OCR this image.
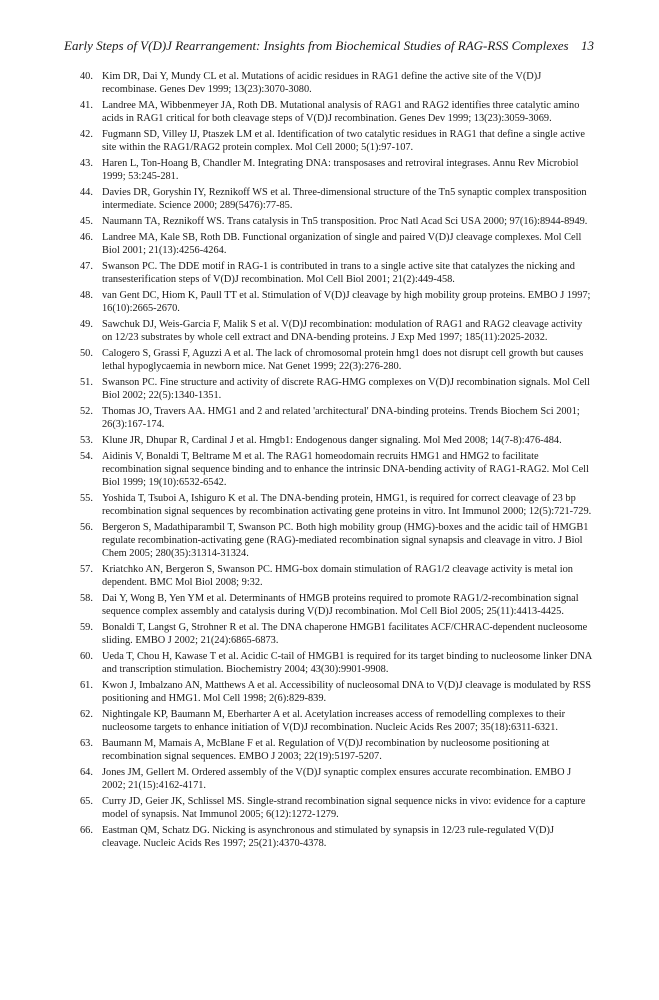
Early Steps of V(D)J Rearrangement: Insights from Biochemical Studies of RAG-RSS Complexes 13
40. Kim DR, Dai Y, Mundy CL et al. Mutations of acidic residues in RAG1 define the active site of the V(D)J recombinase. Genes Dev 1999; 13(23):3070-3080.
41. Landree MA, Wibbenmeyer JA, Roth DB. Mutational analysis of RAG1 and RAG2 identifies three catalytic amino acids in RAG1 critical for both cleavage steps of V(D)J recombination. Genes Dev 1999; 13(23):3059-3069.
42. Fugmann SD, Villey IJ, Ptaszek LM et al. Identification of two catalytic residues in RAG1 that define a single active site within the RAG1/RAG2 protein complex. Mol Cell 2000; 5(1):97-107.
43. Haren L, Ton-Hoang B, Chandler M. Integrating DNA: transposases and retroviral integrases. Annu Rev Microbiol 1999; 53:245-281.
44. Davies DR, Goryshin IY, Reznikoff WS et al. Three-dimensional structure of the Tn5 synaptic complex transposition intermediate. Science 2000; 289(5476):77-85.
45. Naumann TA, Reznikoff WS. Trans catalysis in Tn5 transposition. Proc Natl Acad Sci USA 2000; 97(16):8944-8949.
46. Landree MA, Kale SB, Roth DB. Functional organization of single and paired V(D)J cleavage complexes. Mol Cell Biol 2001; 21(13):4256-4264.
47. Swanson PC. The DDE motif in RAG-1 is contributed in trans to a single active site that catalyzes the nicking and transesterification steps of V(D)J recombination. Mol Cell Biol 2001; 21(2):449-458.
48. van Gent DC, Hiom K, Paull TT et al. Stimulation of V(D)J cleavage by high mobility group proteins. EMBO J 1997; 16(10):2665-2670.
49. Sawchuk DJ, Weis-Garcia F, Malik S et al. V(D)J recombination: modulation of RAG1 and RAG2 cleavage activity on 12/23 substrates by whole cell extract and DNA-bending proteins. J Exp Med 1997; 185(11):2025-2032.
50. Calogero S, Grassi F, Aguzzi A et al. The lack of chromosomal protein hmg1 does not disrupt cell growth but causes lethal hypoglycaemia in newborn mice. Nat Genet 1999; 22(3):276-280.
51. Swanson PC. Fine structure and activity of discrete RAG-HMG complexes on V(D)J recombination signals. Mol Cell Biol 2002; 22(5):1340-1351.
52. Thomas JO, Travers AA. HMG1 and 2 and related 'architectural' DNA-binding proteins. Trends Biochem Sci 2001; 26(3):167-174.
53. Klune JR, Dhupar R, Cardinal J et al. Hmgb1: Endogenous danger signaling. Mol Med 2008; 14(7-8):476-484.
54. Aidinis V, Bonaldi T, Beltrame M et al. The RAG1 homeodomain recruits HMG1 and HMG2 to facilitate recombination signal sequence binding and to enhance the intrinsic DNA-bending activity of RAG1-RAG2. Mol Cell Biol 1999; 19(10):6532-6542.
55. Yoshida T, Tsuboi A, Ishiguro K et al. The DNA-bending protein, HMG1, is required for correct cleavage of 23 bp recombination signal sequences by recombination activating gene proteins in vitro. Int Immunol 2000; 12(5):721-729.
56. Bergeron S, Madathiparambil T, Swanson PC. Both high mobility group (HMG)-boxes and the acidic tail of HMGB1 regulate recombination-activating gene (RAG)-mediated recombination signal synapsis and cleavage in vitro. J Biol Chem 2005; 280(35):31314-31324.
57. Kriatchko AN, Bergeron S, Swanson PC. HMG-box domain stimulation of RAG1/2 cleavage activity is metal ion dependent. BMC Mol Biol 2008; 9:32.
58. Dai Y, Wong B, Yen YM et al. Determinants of HMGB proteins required to promote RAG1/2-recombination signal sequence complex assembly and catalysis during V(D)J recombination. Mol Cell Biol 2005; 25(11):4413-4425.
59. Bonaldi T, Langst G, Strohner R et al. The DNA chaperone HMGB1 facilitates ACF/CHRAC-dependent nucleosome sliding. EMBO J 2002; 21(24):6865-6873.
60. Ueda T, Chou H, Kawase T et al. Acidic C-tail of HMGB1 is required for its target binding to nucleosome linker DNA and transcription stimulation. Biochemistry 2004; 43(30):9901-9908.
61. Kwon J, Imbalzano AN, Matthews A et al. Accessibility of nucleosomal DNA to V(D)J cleavage is modulated by RSS positioning and HMG1. Mol Cell 1998; 2(6):829-839.
62. Nightingale KP, Baumann M, Eberharter A et al. Acetylation increases access of remodelling complexes to their nucleosome targets to enhance initiation of V(D)J recombination. Nucleic Acids Res 2007; 35(18):6311-6321.
63. Baumann M, Mamais A, McBlane F et al. Regulation of V(D)J recombination by nucleosome positioning at recombination signal sequences. EMBO J 2003; 22(19):5197-5207.
64. Jones JM, Gellert M. Ordered assembly of the V(D)J synaptic complex ensures accurate recombination. EMBO J 2002; 21(15):4162-4171.
65. Curry JD, Geier JK, Schlissel MS. Single-strand recombination signal sequence nicks in vivo: evidence for a capture model of synapsis. Nat Immunol 2005; 6(12):1272-1279.
66. Eastman QM, Schatz DG. Nicking is asynchronous and stimulated by synapsis in 12/23 rule-regulated V(D)J cleavage. Nucleic Acids Res 1997; 25(21):4370-4378.
